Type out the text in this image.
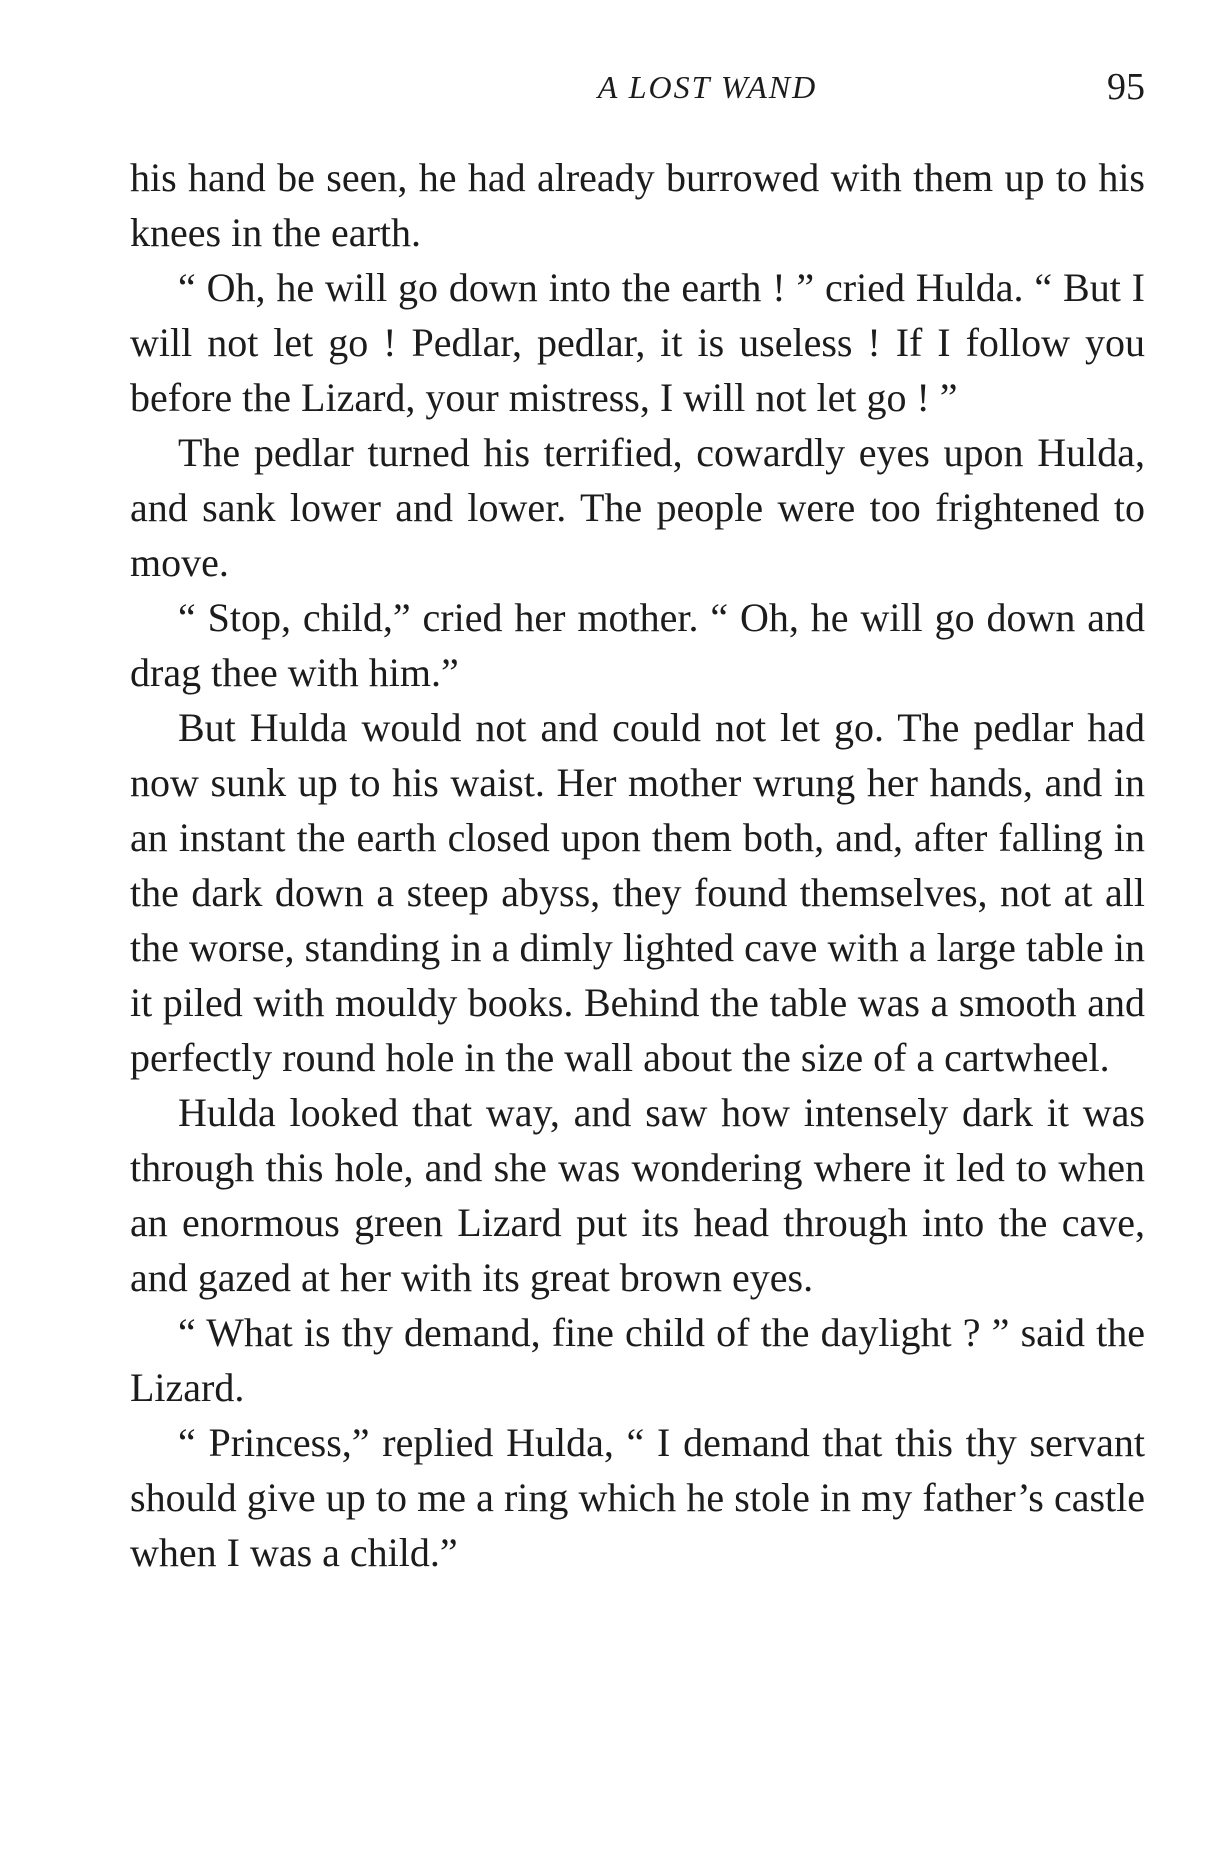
A LOST WAND	95

his hand be seen, he had already burrowed with them up to his knees in the earth.

“ Oh, he will go down into the earth ! ” cried Hulda. “ But I will not let go ! Pedlar, pedlar, it is useless ! If I follow you before the Lizard, your mistress, I will not let go ! ”

The pedlar turned his terrified, cowardly eyes upon Hulda, and sank lower and lower. The people were too frightened to move.

“ Stop, child,” cried her mother. “ Oh, he will go down and drag thee with him.”

But Hulda would not and could not let go. The pedlar had now sunk up to his waist. Her mother wrung her hands, and in an instant the earth closed upon them both, and, after falling in the dark down a steep abyss, they found themselves, not at all the worse, standing in a dimly lighted cave with a large table in it piled with mouldy books. Behind the table was a smooth and perfectly round hole in the wall about the size of a cartwheel.

Hulda looked that way, and saw how intensely dark it was through this hole, and she was wondering where it led to when an enormous green Lizard put its head through into the cave, and gazed at her with its great brown eyes.

“ What is thy demand, fine child of the daylight ? ” said the Lizard.

“ Princess,” replied Hulda, “ I demand that this thy servant should give up to me a ring which he stole in my father’s castle when I was a child.”
